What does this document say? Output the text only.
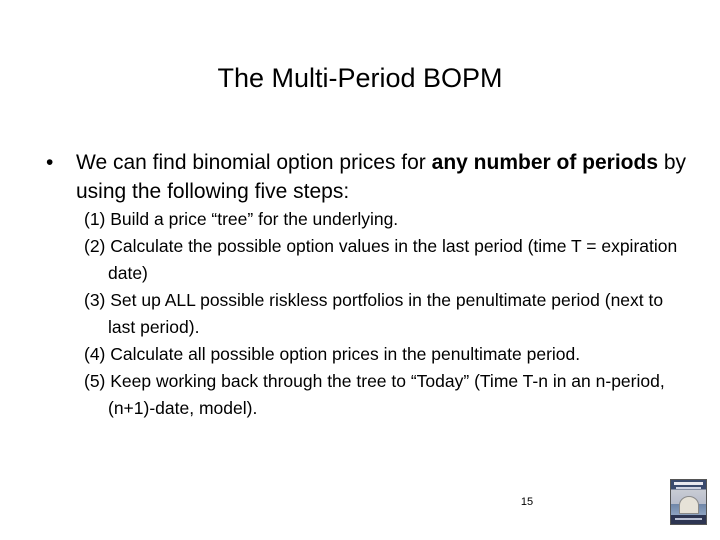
The Multi-Period BOPM

• We can find binomial option prices for any number of periods by using the following five steps:

(1) Build a price “tree” for the underlying.
(2) Calculate the possible option values in the last period (time T = expiration date)
(3) Set up ALL possible riskless portfolios in the penultimate period (next to last period).
(4) Calculate all possible option prices in the penultimate period.
(5) Keep working back through the tree to “Today” (Time T-n in an n-period, (n+1)-date, model).

15
